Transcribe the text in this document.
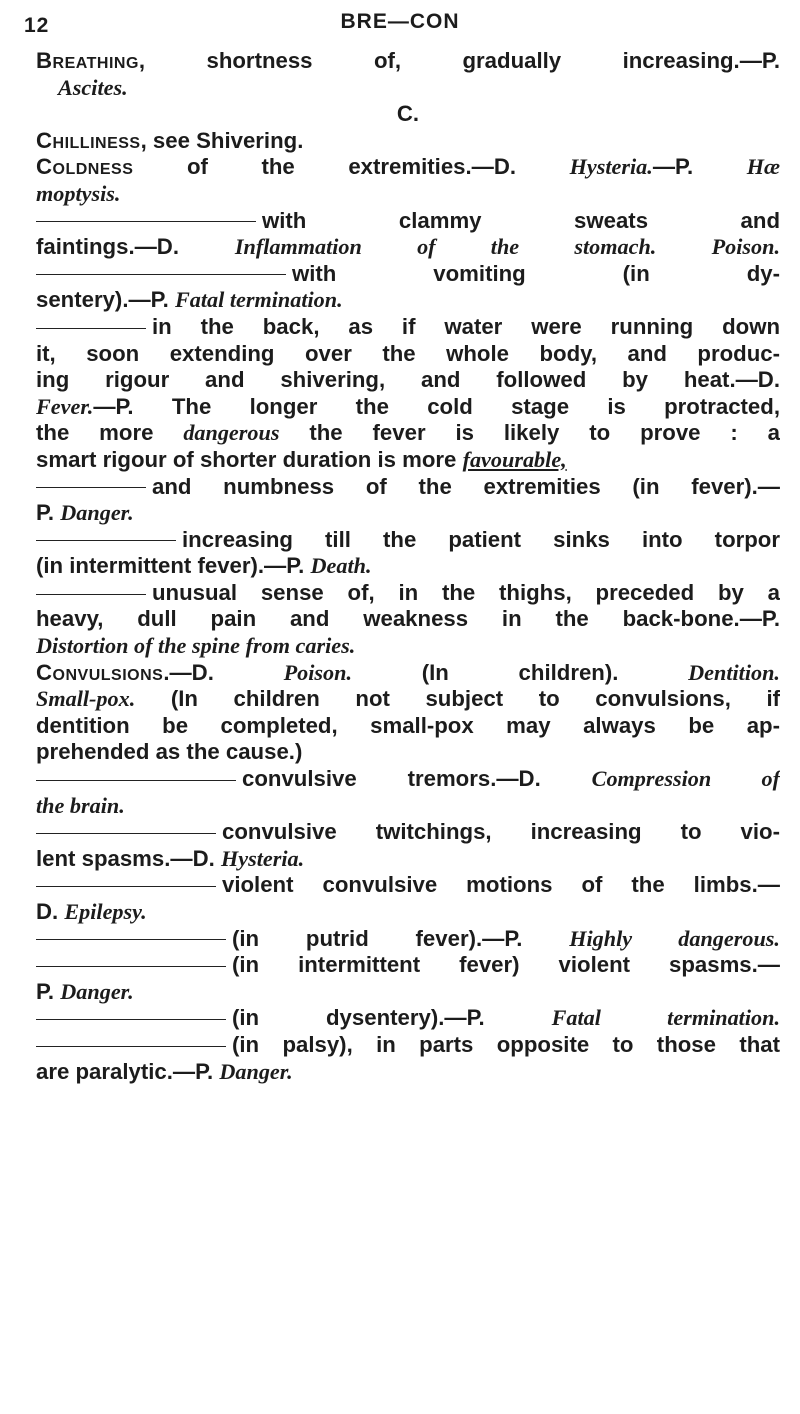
12	BRE—CON
Breathing, shortness of, gradually increasing.—P.
Ascites.
C.
Chilliness, see Shivering.
Coldness of the extremities.—D. Hysteria.—P. Hæ
moptysis.
with clammy sweats and
faintings.—D. Inflammation of the stomach. Poison.
with vomiting (in dy-
sentery).—P. Fatal termination.
in the back, as if water were running down
it, soon extending over the whole body, and produc-
ing rigour and shivering, and followed by heat.—D.
Fever.—P. The longer the cold stage is protracted,
the more dangerous the fever is likely to prove : a
smart rigour of shorter duration is more favourable,
and numbness of the extremities (in fever).—
P. Danger.
increasing till the patient sinks into torpor
(in intermittent fever).—P. Death.
unusual sense of, in the thighs, preceded by a
heavy, dull pain and weakness in the back-bone.—P.
Distortion of the spine from caries.
Convulsions.—D. Poison. (In children). Dentition.
Small-pox. (In children not subject to convulsions, if
dentition be completed, small-pox may always be ap-
prehended as the cause.)
convulsive tremors.—D. Compression of
the brain.
convulsive twitchings, increasing to vio-
lent spasms.—D. Hysteria.
violent convulsive motions of the limbs.—
D. Epilepsy.
(in putrid fever).—P. Highly dangerous.
(in intermittent fever) violent spasms.—
P. Danger.
(in dysentery).—P. Fatal termination.
(in palsy), in parts opposite to those that
are paralytic.—P. Danger.
